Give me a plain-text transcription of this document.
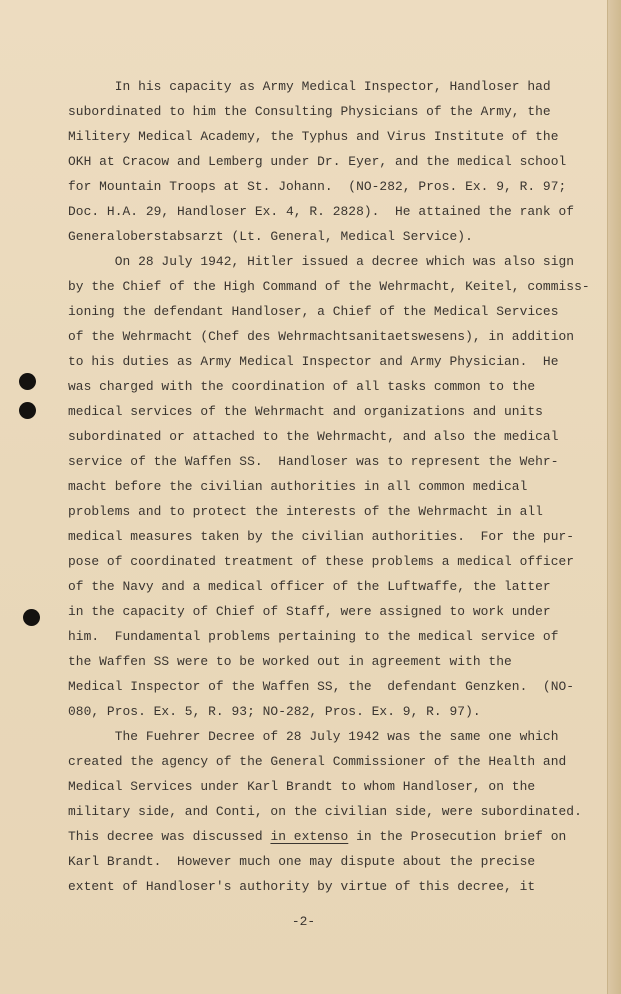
In his capacity as Army Medical Inspector, Handloser had
subordinated to him the Consulting Physicians of the Army, the
Militery Medical Academy, the Typhus and Virus Institute of the
OKH at Cracow and Lemberg under Dr. Eyer, and the medical school
for Mountain Troops at St. Johann.  (NO-282, Pros. Ex. 9, R. 97;
Doc. H.A. 29, Handloser Ex. 4, R. 2828).  He attained the rank of
Generaloberstabsarzt (Lt. General, Medical Service).
On 28 July 1942, Hitler issued a decree which was also sign
by the Chief of the High Command of the Wehrmacht, Keitel, commiss-
ioning the defendant Handloser, a Chief of the Medical Services
of the Wehrmacht (Chef des Wehrmachtsanitaetswesens), in addition
to his duties as Army Medical Inspector and Army Physician.  He
was charged with the coordination of all tasks common to the
medical services of the Wehrmacht and organizations and units
subordinated or attached to the Wehrmacht, and also the medical
service of the Waffen SS.  Handloser was to represent the Wehr-
macht before the civilian authorities in all common medical
problems and to protect the interests of the Wehrmacht in all
medical measures taken by the civilian authorities.  For the pur-
pose of coordinated treatment of these problems a medical officer
of the Navy and a medical officer of the Luftwaffe, the latter
in the capacity of Chief of Staff, were assigned to work under
him.  Fundamental problems pertaining to the medical service of
the Waffen SS were to be worked out in agreement with the
Medical Inspector of the Waffen SS, the  defendant Genzken.  (NO-
080, Pros. Ex. 5, R. 93; NO-282, Pros. Ex. 9, R. 97).
The Fuehrer Decree of 28 July 1942 was the same one which
created the agency of the General Commissioner of the Health and
Medical Services under Karl Brandt to whom Handloser, on the
military side, and Conti, on the civilian side, were subordinated.
This decree was discussed in extenso in the Prosecution brief on
Karl Brandt.  However much one may dispute about the precise
extent of Handloser's authority by virtue of this decree, it
-2-
